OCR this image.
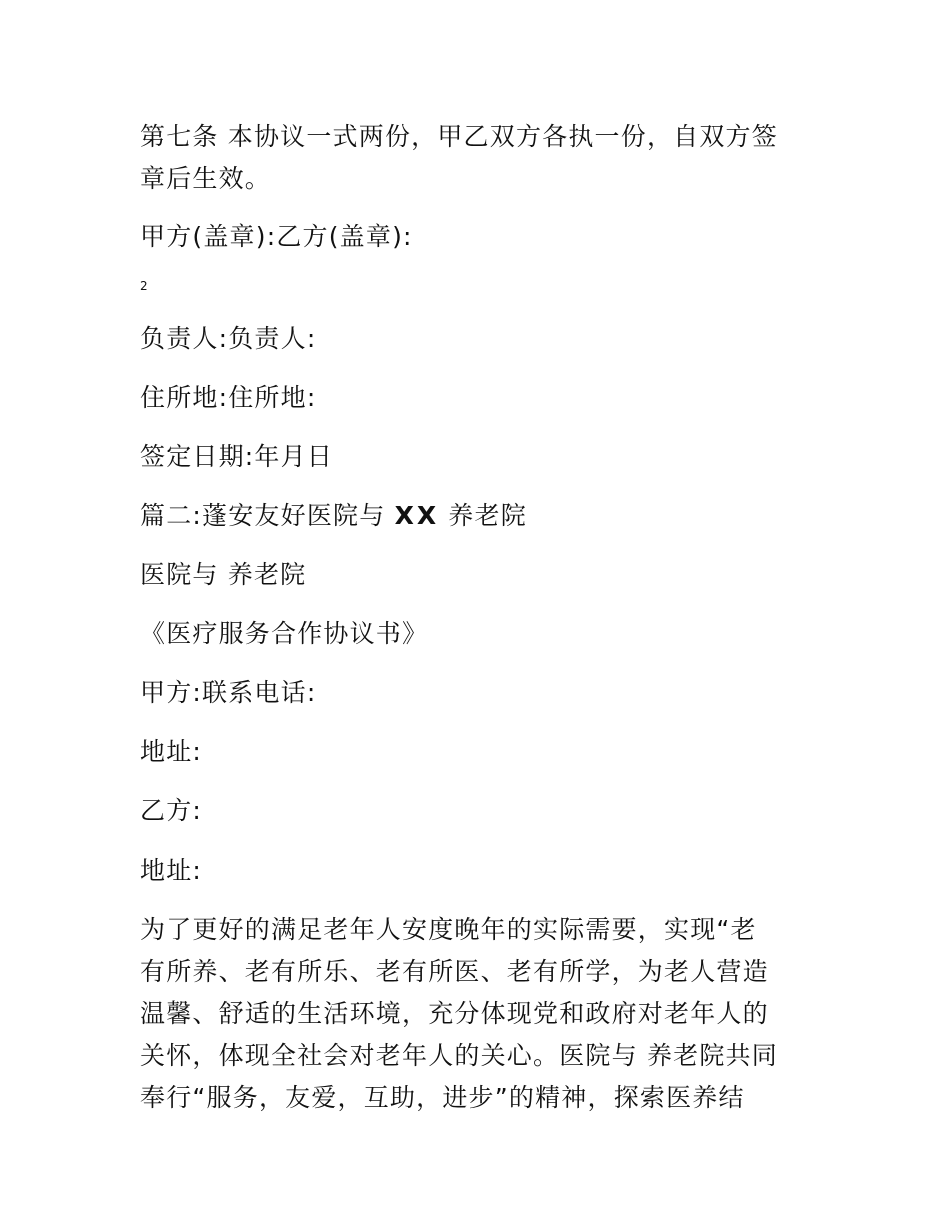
第七条 本协议一式两份，甲乙双方各执一份，自双方签
章后生效。
甲方(盖章):乙方(盖章):
2
负责人:负责人:
住所地:住所地:
签定日期:年月日
篇二:蓬安友好医院与 XX 养老院
医院与 养老院
《医疗服务合作协议书》
甲方:联系电话:
地址:
乙方:
地址:
为了更好的满足老年人安度晚年的实际需要，实现“老
有所养、老有所乐、老有所医、老有所学，为老人营造
温馨、舒适的生活环境，充分体现党和政府对老年人的
关怀，体现全社会对老年人的关心。医院与 养老院共同
奉行“服务，友爱，互助，进步”的精神，探索医养结
